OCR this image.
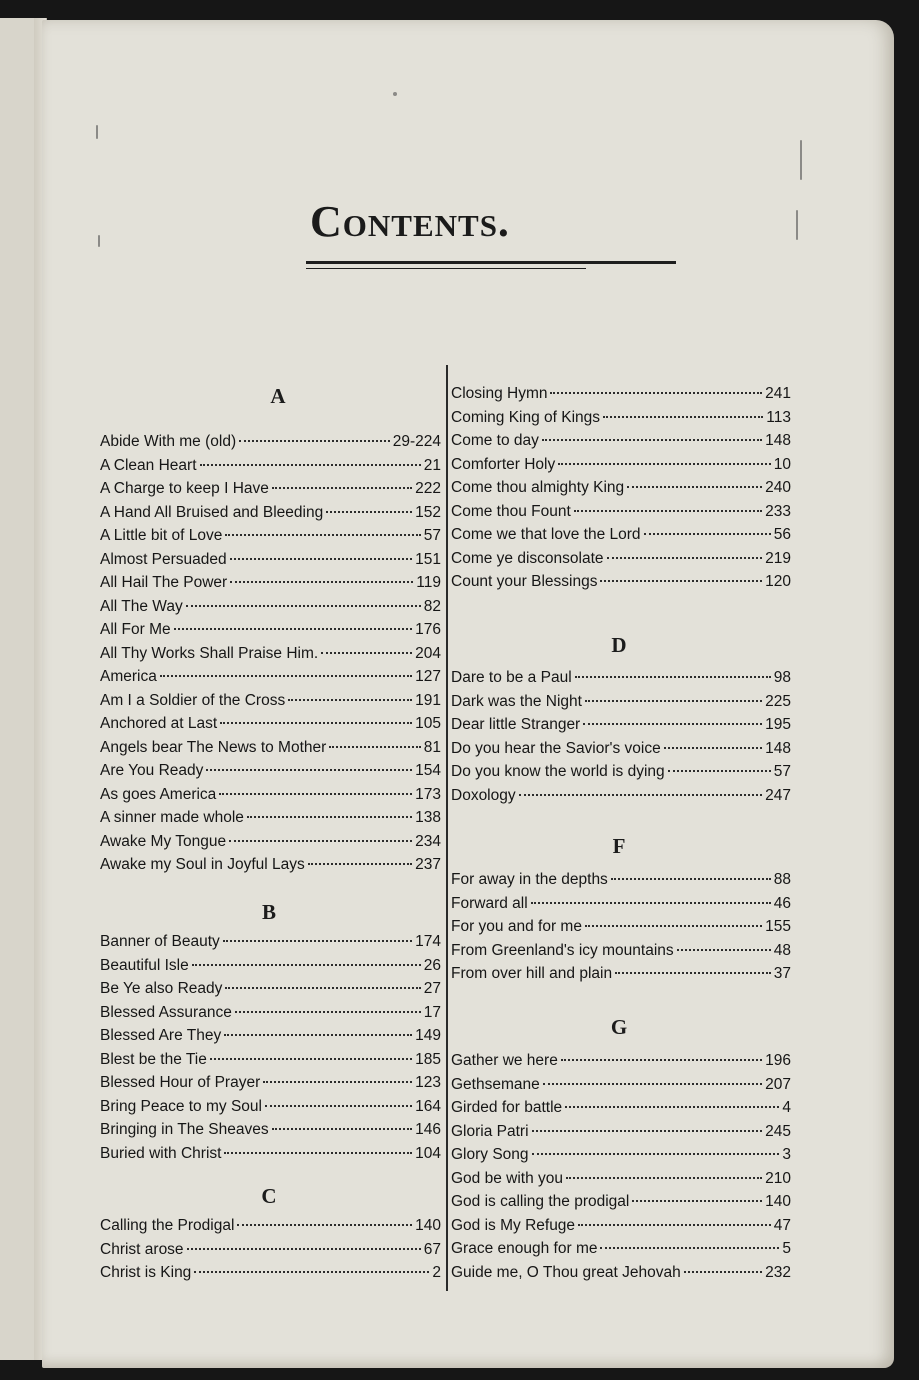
Contents.
A
Abide With me (old)	29-224
A Clean Heart	21
A Charge to keep I Have	222
A Hand All Bruised and Bleeding	152
A Little bit of Love	57
Almost Persuaded	151
All Hail The Power	119
All The Way	82
All For Me	176
All Thy Works Shall Praise Him.	204
America	127
Am I a Soldier of the Cross	191
Anchored at Last	105
Angels bear The News to Mother	81
Are You Ready	154
As goes America	173
A sinner made whole	138
Awake My Tongue	234
Awake my Soul in Joyful Lays	237
B
Banner of Beauty	174
Beautiful Isle	26
Be Ye also Ready	27
Blessed Assurance	17
Blessed Are They	149
Blest be the Tie	185
Blessed Hour of Prayer	123
Bring Peace to my Soul	164
Bringing in The Sheaves	146
Buried with Christ	104
C
Calling the Prodigal	140
Christ arose	67
Christ is King	2
Closing Hymn	241
Coming King of Kings	113
Come to day	148
Comforter Holy	10
Come thou almighty King	240
Come thou Fount	233
Come we that love the Lord	56
Come ye disconsolate	219
Count your Blessings	120
D
Dare to be a Paul	98
Dark was the Night	225
Dear little Stranger	195
Do you hear the Savior's voice	148
Do you know the world is dying	57
Doxology	247
F
For away in the depths	88
Forward all	46
For you and for me	155
From Greenland's icy mountains	48
From over hill and plain	37
G
Gather we here	196
Gethsemane	207
Girded for battle	4
Gloria Patri	245
Glory Song	3
God be with you	210
God is calling the prodigal	140
God is My Refuge	47
Grace enough for me	5
Guide me, O Thou great Jehovah	232
